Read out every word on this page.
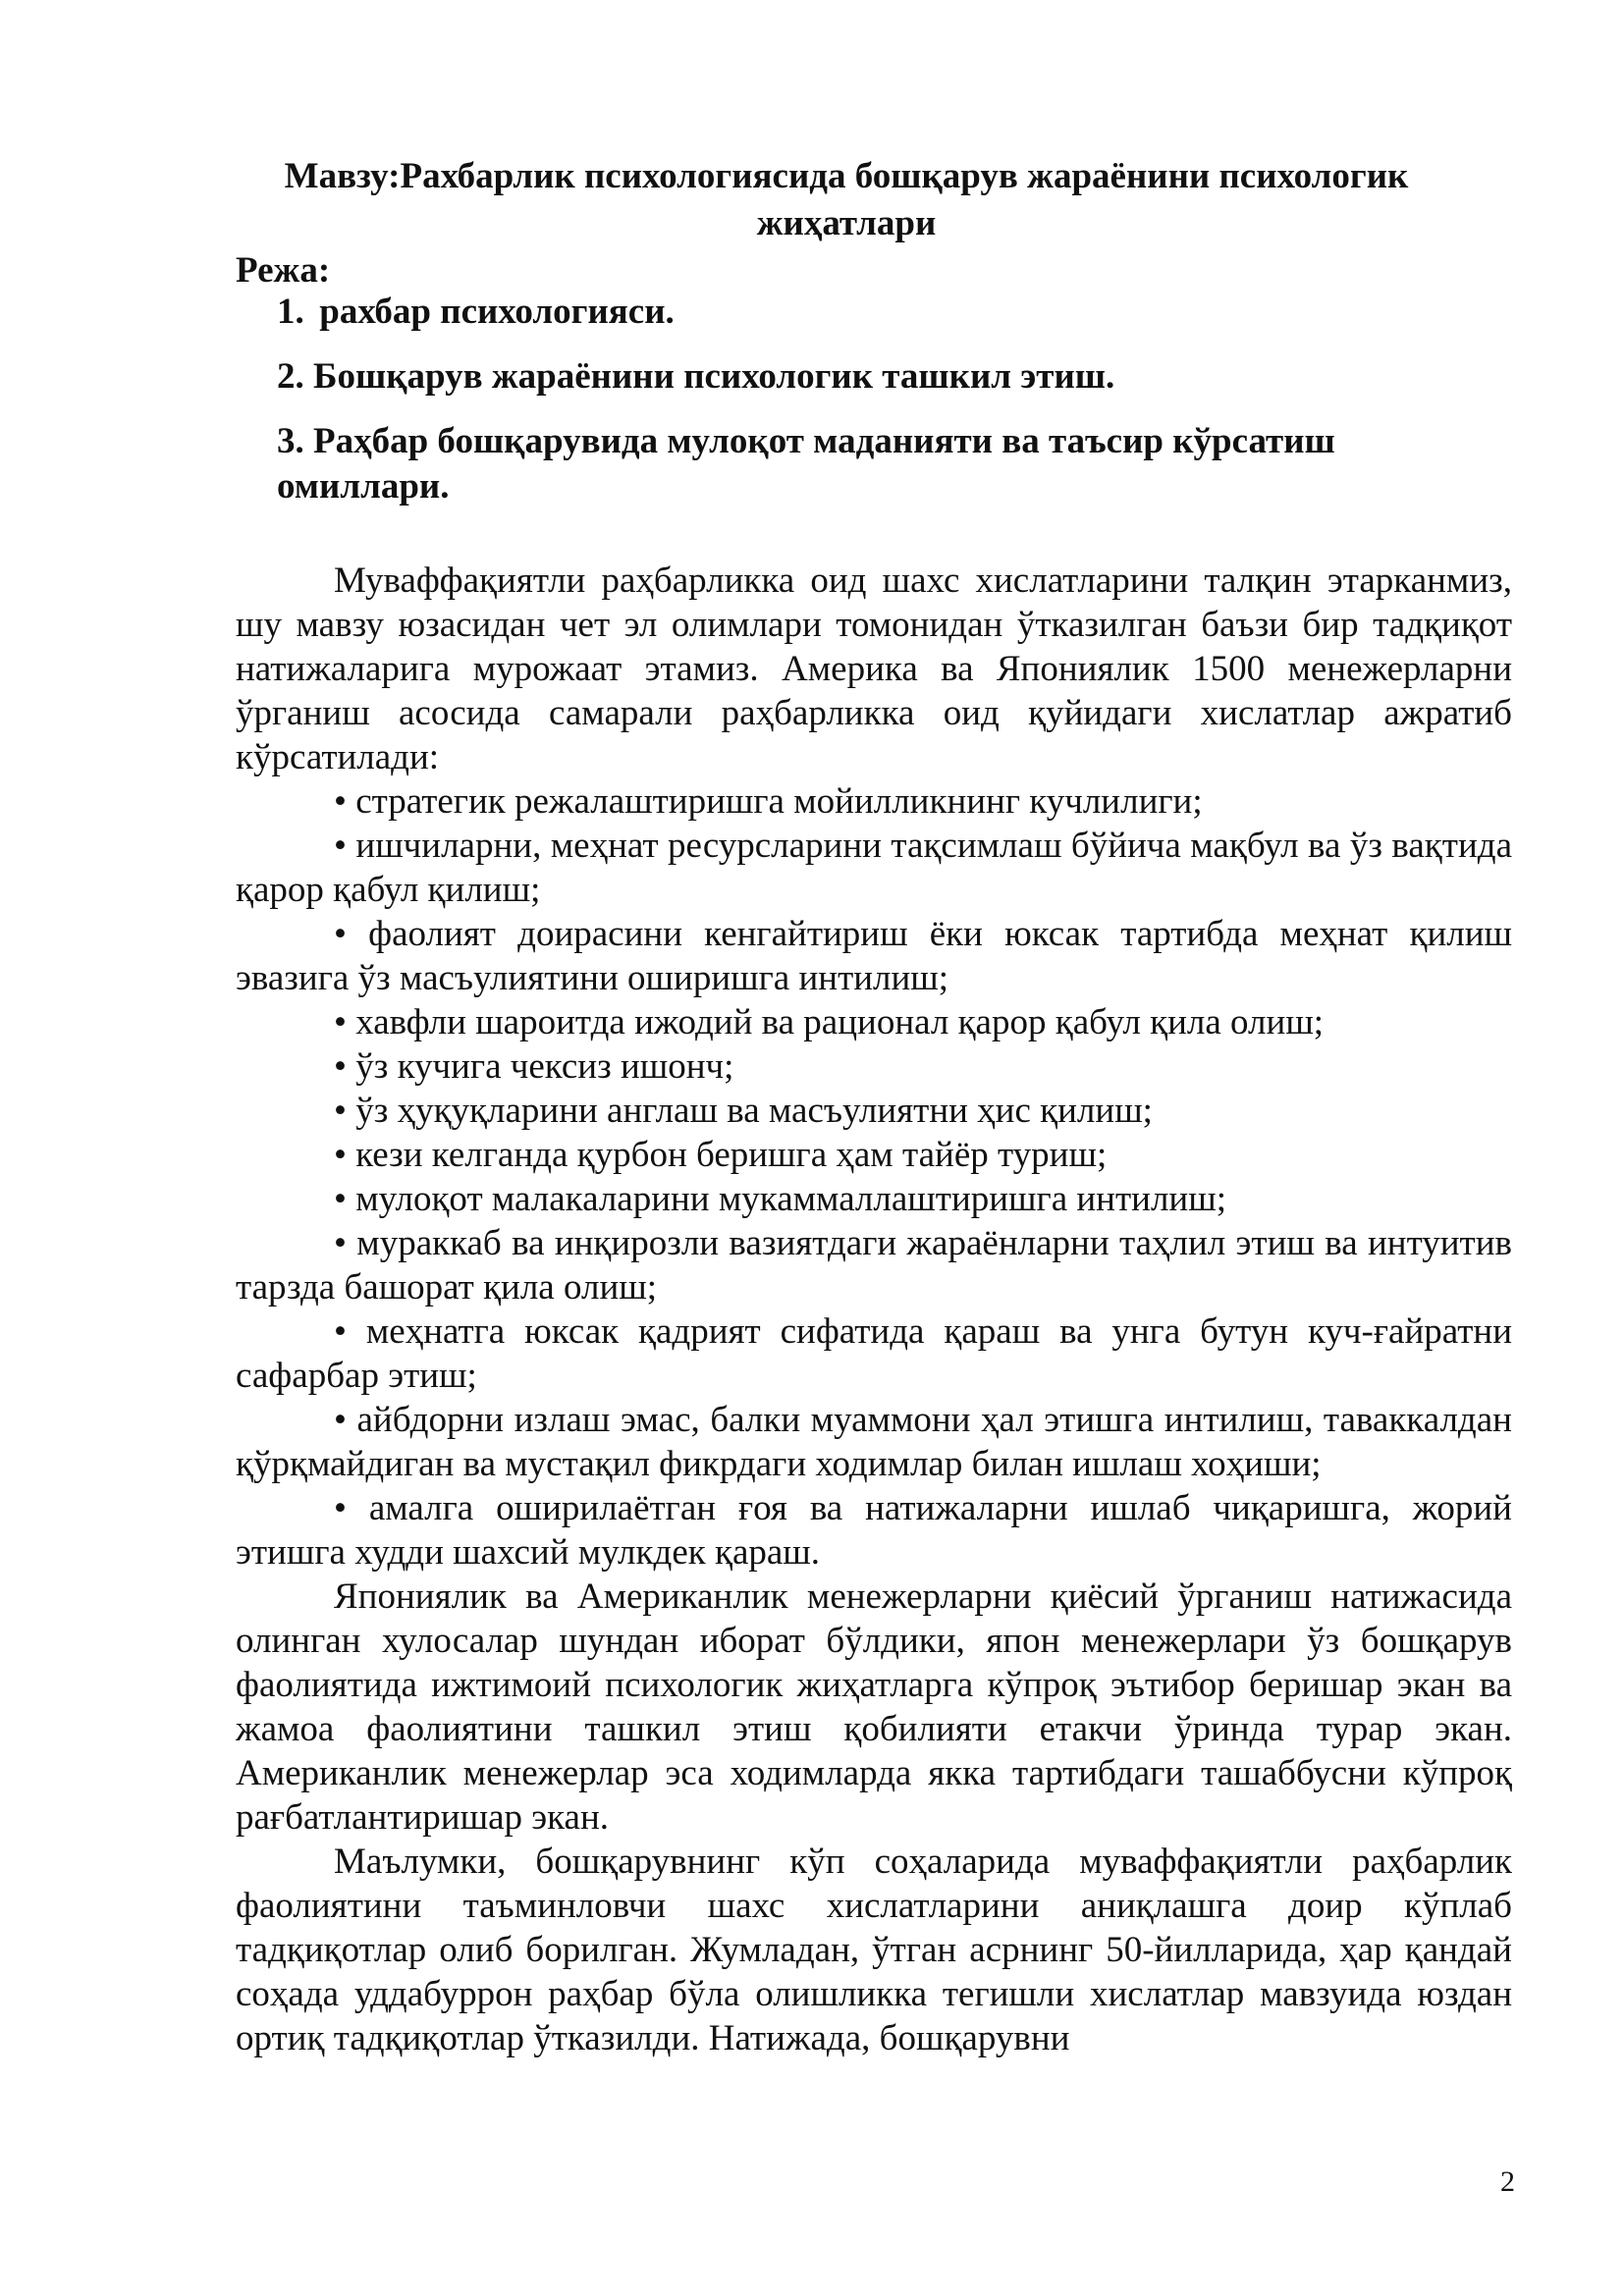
Мавзу:Рахбарлик психологиясида бошқарув жараёнини психологик жиҳатлари
Режа:
1. рахбар психологияси.
2. Бошқарув жараёнини психологик ташкил этиш.
3. Раҳбар бошқарувида мулоқот маданияти ва таъсир кўрсатиш омиллари.

Муваффақиятли раҳбарликка оид шахс хислатларини талқин этарканмиз, шу мавзу юзасидан чет эл олимлари томонидан ўтказилган баъзи бир тадқиқот натижаларига мурожаат этамиз. Америка ва Япониялик 1500 менежерларни ўрганиш асосида самарали раҳбарликка оид қуйидаги хислатлар ажратиб кўрсатилади:

• стратегик режалаштиришга мойилликнинг кучлилиги;

• ишчиларни, меҳнат ресурсларини тақсимлаш бўйича мақбул ва ўз вақтида қарор қабул қилиш;

• фаолият доирасини кенгайтириш ёки юксак тартибда меҳнат қилиш эвазига ўз масъулиятини оширишга интилиш;

• хавфли шароитда ижодий ва рационал қарор қабул қила олиш;

• ўз кучига чексиз ишонч;

• ўз ҳуқуқларини англаш ва масъулиятни ҳис қилиш;

• кези келганда қурбон беришга ҳам тайёр туриш;

• мулоқот малакаларини мукаммаллаштиришга интилиш;

• мураккаб ва инқирозли вазиятдаги жараёнларни таҳлил этиш ва интуитив тарзда башорат қила олиш;

• меҳнатга юксак қадрият сифатида қараш ва унга бутун куч-ғайратни сафарбар этиш;

• айбдорни излаш эмас, балки муаммони ҳал этишга интилиш, таваккалдан қўрқмайдиган ва мустақил фикрдаги ходимлар билан ишлаш хоҳиши;

• амалга оширилаётган ғоя ва натижаларни ишлаб чиқаришга, жорий этишга худди шахсий мулкдек қараш.

Япониялик ва Американлик менежерларни қиёсий ўрганиш натижасида олинган хулосалар шундан иборат бўлдики, япон менежерлари ўз бошқарув фаолиятида ижтимоий психологик жиҳатларга кўпроқ эътибор беришар экан ва жамоа фаолиятини ташкил этиш қобилияти етакчи ўринда турар экан. Американлик менежерлар эса ходимларда якка тартибдаги ташаббусни кўпроқ рағбатлантиришар экан.

Маълумки, бошқарувнинг кўп соҳаларида муваффақиятли раҳбарлик фаолиятини таъминловчи шахс хислатларини аниқлашга доир кўплаб тадқиқотлар олиб борилган. Жумладан, ўтган асрнинг 50-йилларида, ҳар қандай соҳада уддабуррон раҳбар бўла олишликка тегишли хислатлар мавзуида юздан ортиқ тадқиқотлар ўтказилди. Натижада, бошқарувни

2
